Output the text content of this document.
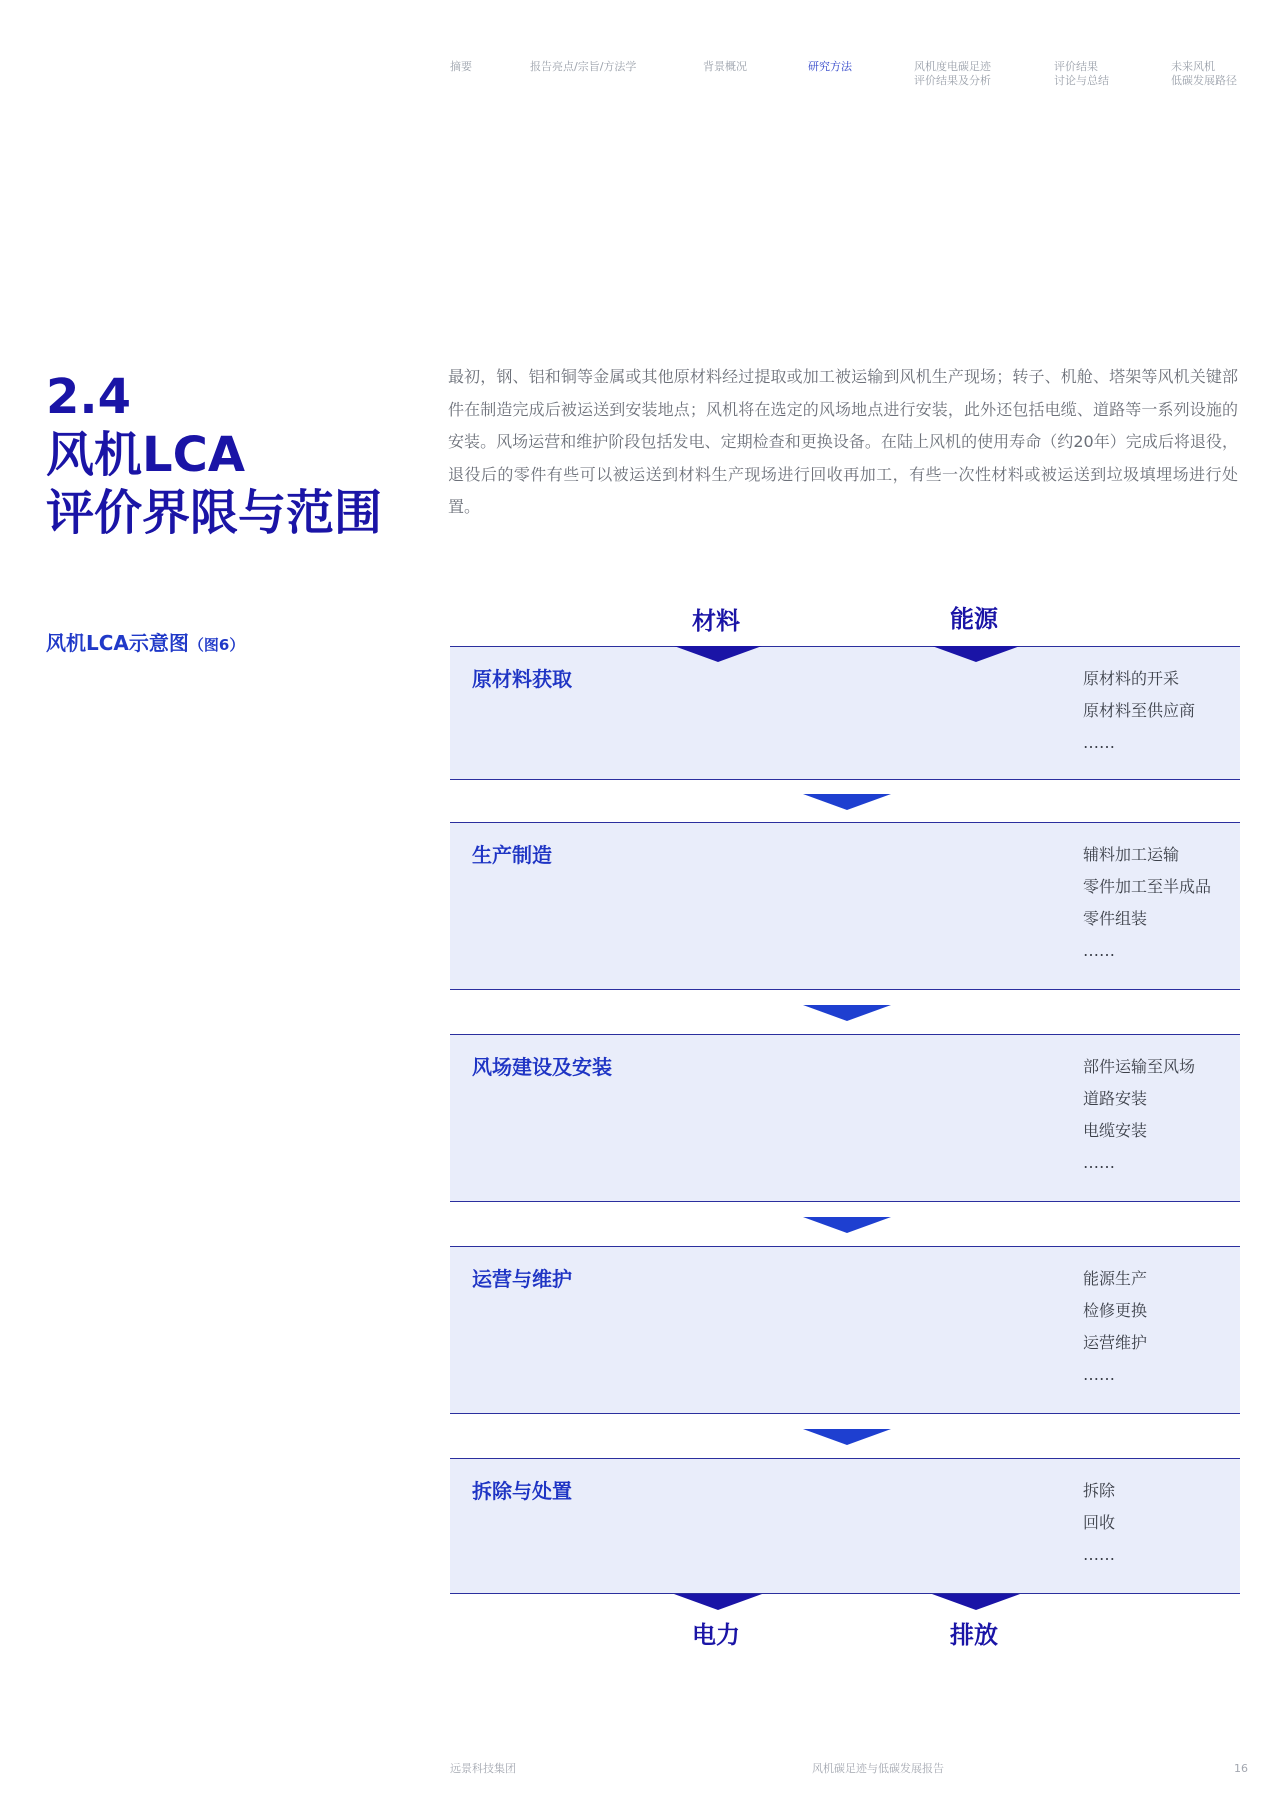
摘要	报告亮点/宗旨/方法学	背景概况	研究方法	风机度电碳足迹
评价结果及分析
评价结果
讨论与总结
未来风机
低碳发展路径
2.4
风机LCA
评价界限与范围

最初，钢、铝和铜等金属或其他原材料经过提取或加工被运输到风机生产现场；转子、机舱、塔架等风机关键部件在制造完成后被运送到安装地点；风机将在选定的风场地点进行安装，此外还包括电缆、道路等一系列设施的安装。风场运营和维护阶段包括发电、定期检查和更换设备。在陆上风机的使用寿命（约20年）完成后将退役，退役后的零件有些可以被运送到材料生产现场进行回收再加工，有些一次性材料或被运送到垃圾填埋场进行处置。

风机LCA示意图（图6）
材料	能源
原材料获取	原材料的开采
原材料至供应商
……
生产制造	辅料加工运输
零件加工至半成品
零件组装
……
风场建设及安装	部件运输至风场
道路安装
电缆安装
……
运营与维护	能源生产
检修更换
运营维护
……
拆除与处置	拆除
回收
……
电力	排放
远景科技集团	风机碳足迹与低碳发展报告	16
